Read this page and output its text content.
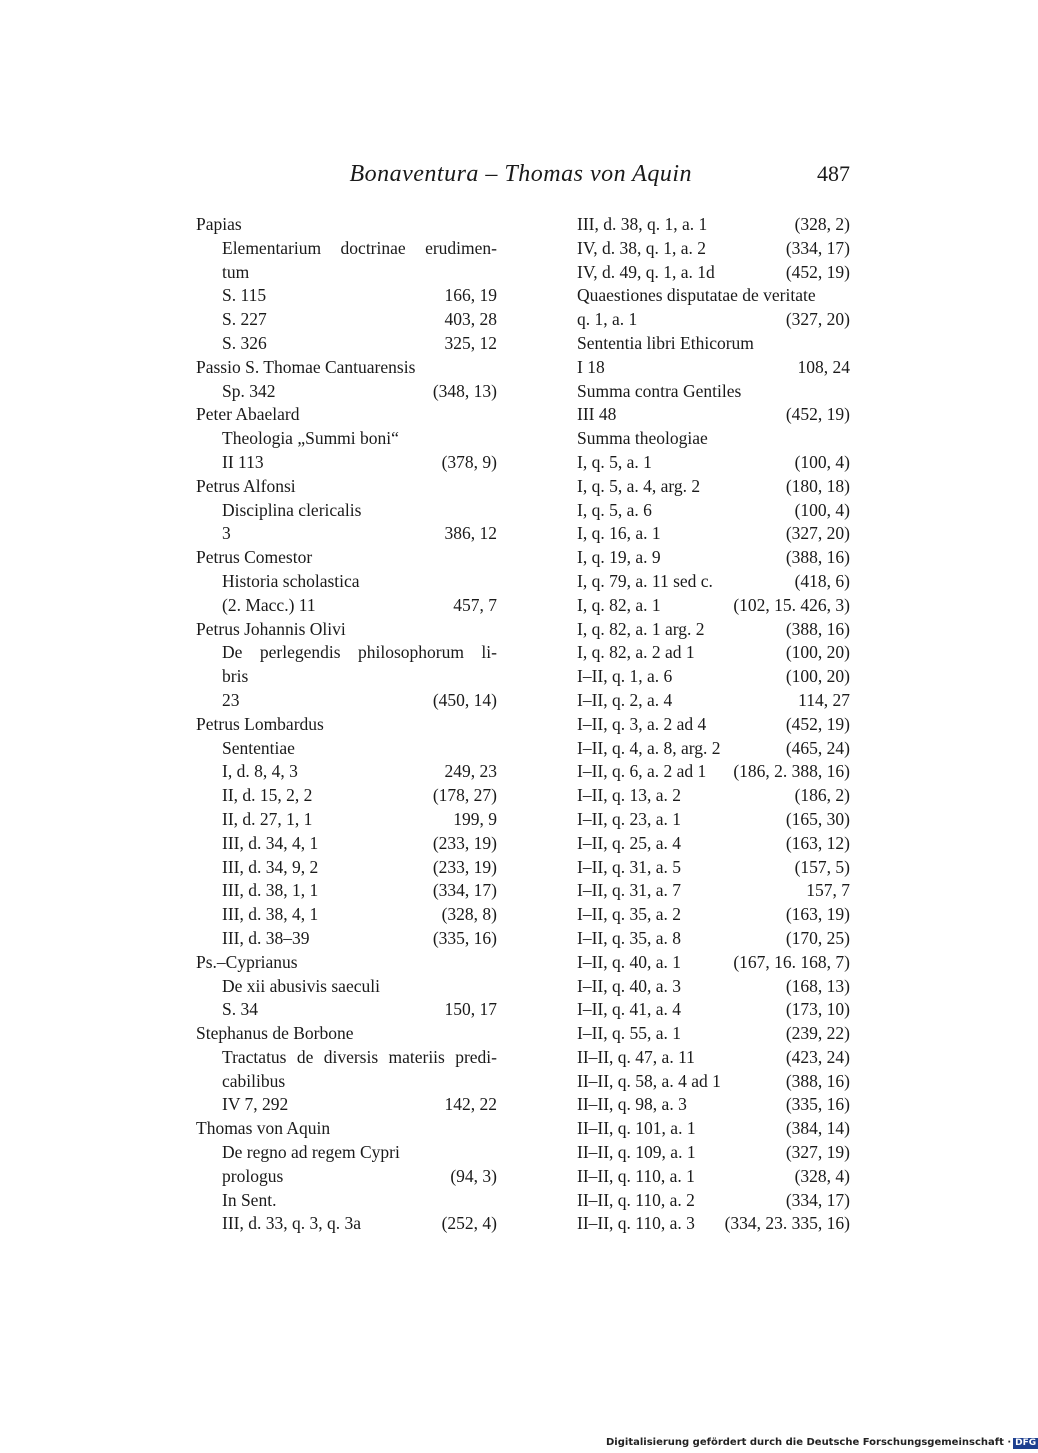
Bonaventura – Thomas von Aquin	487
Papias
Elementarium doctrinae erudimen-
tum
S. 115	166, 19
S. 227	403, 28
S. 326	325, 12
Passio S. Thomae Cantuarensis
Sp. 342	(348, 13)
Peter Abaelard
Theologia „Summi boni“
II 113	(378, 9)
Petrus Alfonsi
Disciplina clericalis
3	386, 12
Petrus Comestor
Historia scholastica
(2. Macc.) 11	457, 7
Petrus Johannis Olivi
De perlegendis philosophorum li-
bris
23	(450, 14)
Petrus Lombardus
Sententiae
I, d. 8, 4, 3	249, 23
II, d. 15, 2, 2	(178, 27)
II, d. 27, 1, 1	199, 9
III, d. 34, 4, 1	(233, 19)
III, d. 34, 9, 2	(233, 19)
III, d. 38, 1, 1	(334, 17)
III, d. 38, 4, 1	(328, 8)
III, d. 38–39	(335, 16)
Ps.–Cyprianus
De xii abusivis saeculi
S. 34	150, 17
Stephanus de Borbone
Tractatus de diversis materiis predi-
cabilibus
IV 7, 292	142, 22
Thomas von Aquin
De regno ad regem Cypri
prologus	(94, 3)
In Sent.
III, d. 33, q. 3, q. 3a	(252, 4)
III, d. 38, q. 1, a. 1	(328, 2)
IV, d. 38, q. 1, a. 2	(334, 17)
IV, d. 49, q. 1, a. 1d	(452, 19)
Quaestiones disputatae de veritate
q. 1, a. 1	(327, 20)
Sententia libri Ethicorum
I 18	108, 24
Summa contra Gentiles
III 48	(452, 19)
Summa theologiae
I, q. 5, a. 1	(100, 4)
I, q. 5, a. 4, arg. 2	(180, 18)
I, q. 5, a. 6	(100, 4)
I, q. 16, a. 1	(327, 20)
I, q. 19, a. 9	(388, 16)
I, q. 79, a. 11 sed c.	(418, 6)
I, q. 82, a. 1	(102, 15. 426, 3)
I, q. 82, a. 1 arg. 2	(388, 16)
I, q. 82, a. 2 ad 1	(100, 20)
I–II, q. 1, a. 6	(100, 20)
I–II, q. 2, a. 4	114, 27
I–II, q. 3, a. 2 ad 4	(452, 19)
I–II, q. 4, a. 8, arg. 2	(465, 24)
I–II, q. 6, a. 2 ad 1 (186, 2. 388, 16)
I–II, q. 13, a. 2	(186, 2)
I–II, q. 23, a. 1	(165, 30)
I–II, q. 25, a. 4	(163, 12)
I–II, q. 31, a. 5	(157, 5)
I–II, q. 31, a. 7	157, 7
I–II, q. 35, a. 2	(163, 19)
I–II, q. 35, a. 8	(170, 25)
I–II, q. 40, a. 1	(167, 16. 168, 7)
I–II, q. 40, a. 3	(168, 13)
I–II, q. 41, a. 4	(173, 10)
I–II, q. 55, a. 1	(239, 22)
II–II, q. 47, a. 11	(423, 24)
II–II, q. 58, a. 4 ad 1	(388, 16)
II–II, q. 98, a. 3	(335, 16)
II–II, q. 101, a. 1	(384, 14)
II–II, q. 109, a. 1	(327, 19)
II–II, q. 110, a. 1	(328, 4)
II–II, q. 110, a. 2	(334, 17)
II–II, q. 110, a. 3 (334, 23. 335, 16)
Digitalisierung gefördert durch die Deutsche Forschungsgemeinschaft · DFG
